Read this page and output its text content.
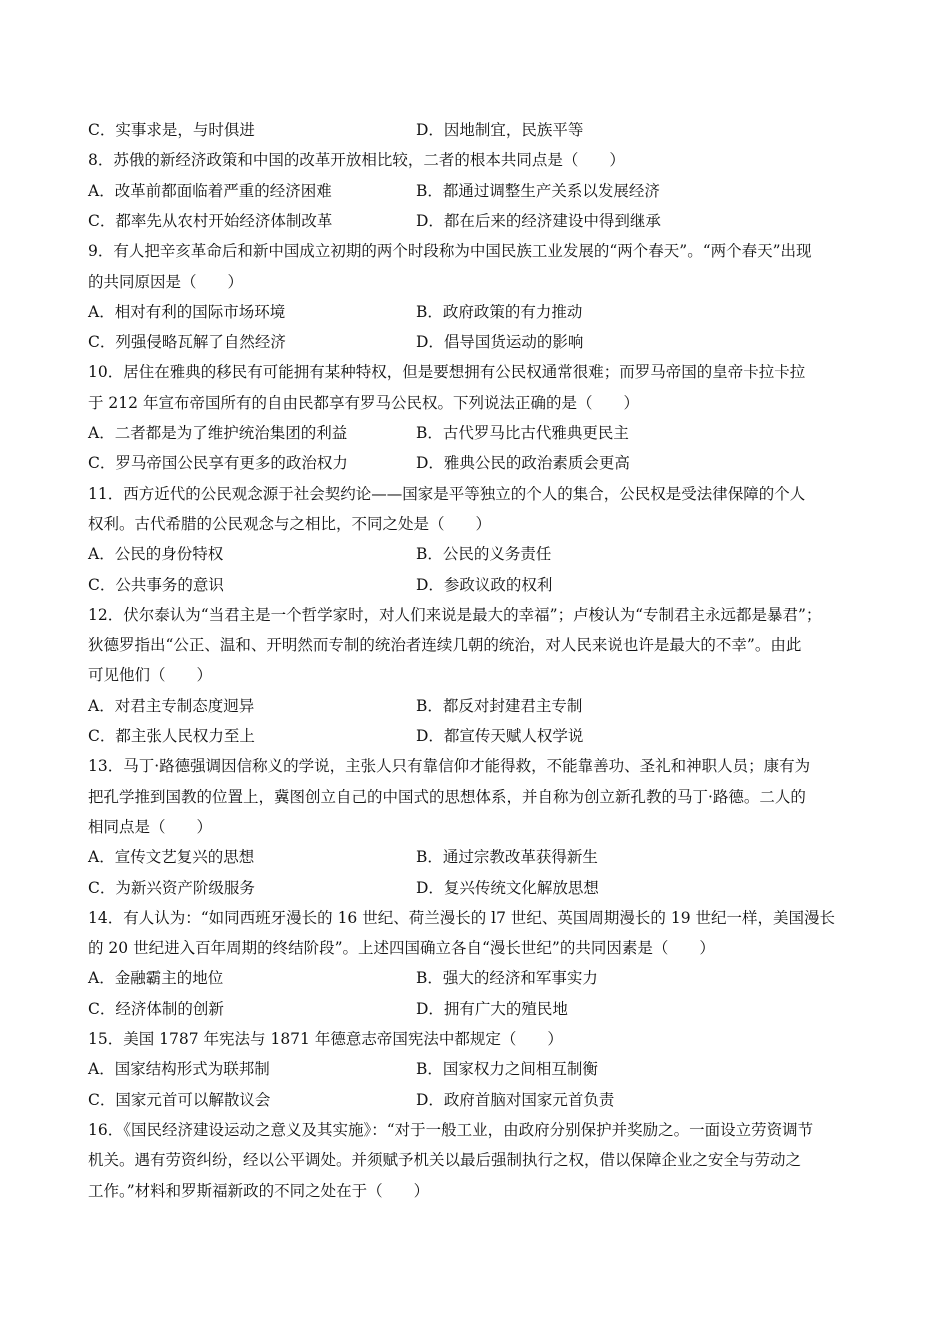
C．实事求是，与时俱进	D．因地制宜，民族平等
8．苏俄的新经济政策和中国的改革开放相比较，二者的根本共同点是（　　）
A．改革前都面临着严重的经济困难	B．都通过调整生产关系以发展经济
C．都率先从农村开始经济体制改革	D．都在后来的经济建设中得到继承
9．有人把辛亥革命后和新中国成立初期的两个时段称为中国民族工业发展的“两个春天”。“两个春天”出现
的共同原因是（　　）
A．相对有利的国际市场环境	B．政府政策的有力推动
C．列强侵略瓦解了自然经济	D．倡导国货运动的影响
10．居住在雅典的移民有可能拥有某种特权，但是要想拥有公民权通常很难；而罗马帝国的皇帝卡拉卡拉
于 212 年宣布帝国所有的自由民都享有罗马公民权。下列说法正确的是（　　）
A．二者都是为了维护统治集团的利益	B．古代罗马比古代雅典更民主
C．罗马帝国公民享有更多的政治权力	D．雅典公民的政治素质会更高
11．西方近代的公民观念源于社会契约论——国家是平等独立的个人的集合，公民权是受法律保障的个人
权利。古代希腊的公民观念与之相比，不同之处是（　　）
A．公民的身份特权	B．公民的义务责任
C．公共事务的意识	D．参政议政的权利
12．伏尔泰认为“当君主是一个哲学家时，对人们来说是最大的幸福”；卢梭认为“专制君主永远都是暴君”；
狄德罗指出“公正、温和、开明然而专制的统治者连续几朝的统治，对人民来说也许是最大的不幸”。由此
可见他们（　　）
A．对君主专制态度迥异	B．都反对封建君主专制
C．都主张人民权力至上	D．都宣传天赋人权学说
13．马丁·路德强调因信称义的学说，主张人只有靠信仰才能得救，不能靠善功、圣礼和神职人员；康有为
把孔学推到国教的位置上，冀图创立自己的中国式的思想体系，并自称为创立新孔教的马丁·路德。二人的
相同点是（　　）
A．宣传文艺复兴的思想	B．通过宗教改革获得新生
C．为新兴资产阶级服务	D．复兴传统文化解放思想
14．有人认为：“如同西班牙漫长的 16 世纪、荷兰漫长的 l7 世纪、英国周期漫长的 19 世纪一样，美国漫长
的 20 世纪进入百年周期的终结阶段”。上述四国确立各自“漫长世纪”的共同因素是（　　）
A．金融霸主的地位	B．强大的经济和军事实力
C．经济体制的创新	D．拥有广大的殖民地
15．美国 1787 年宪法与 1871 年德意志帝国宪法中都规定（　　）
A．国家结构形式为联邦制	B．国家权力之间相互制衡
C．国家元首可以解散议会	D．政府首脑对国家元首负责
16．《国民经济建设运动之意义及其实施》：“对于一般工业，由政府分别保护并奖励之。一面设立劳资调节
机关。遇有劳资纠纷，经以公平调处。并须赋予机关以最后强制执行之权，借以保障企业之安全与劳动之
工作。”材料和罗斯福新政的不同之处在于（　　）
